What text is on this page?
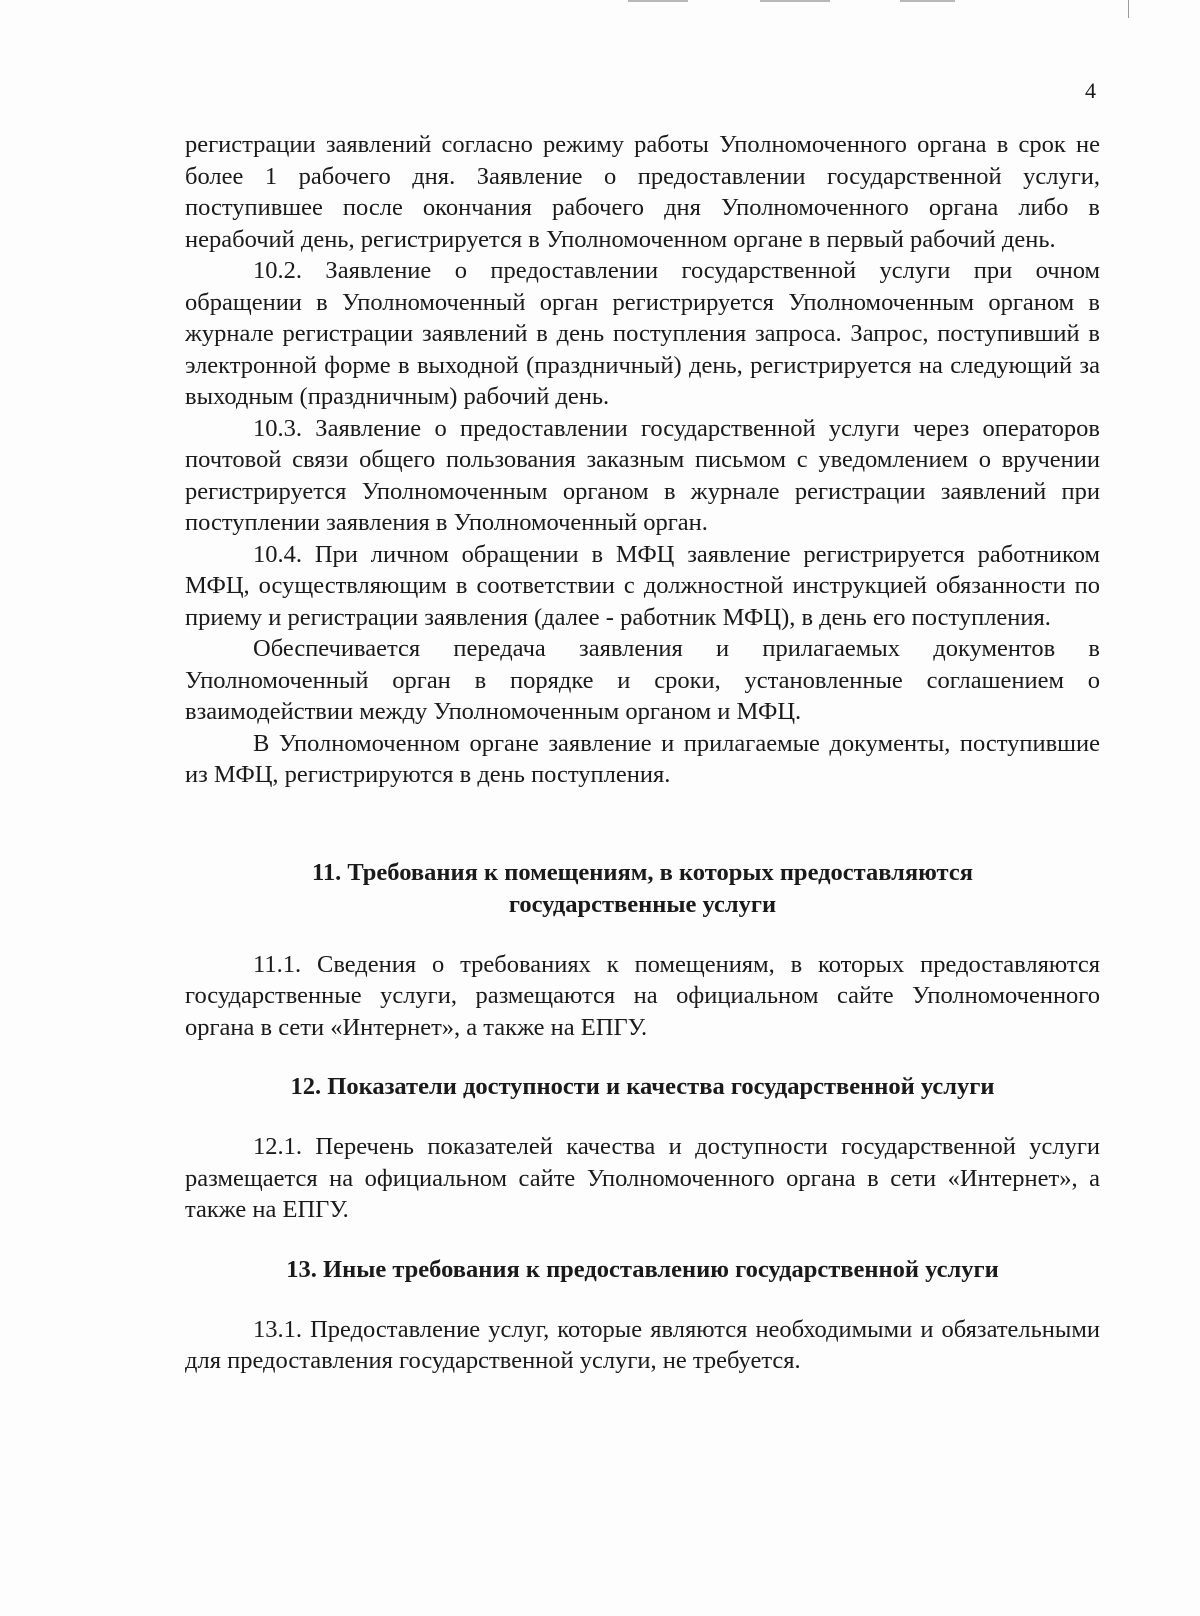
4

регистрации заявлений согласно режиму работы Уполномоченного органа в срок не более 1 рабочего дня. Заявление о предоставлении государственной услуги, поступившее после окончания рабочего дня Уполномоченного органа либо в нерабочий день, регистрируется в Уполномоченном органе в первый рабочий день.

10.2. Заявление о предоставлении государственной услуги при очном обращении в Уполномоченный орган регистрируется Уполномоченным органом в журнале регистрации заявлений в день поступления запроса. Запрос, поступивший в электронной форме в выходной (праздничный) день, регистрируется на следующий за выходным (праздничным) рабочий день.

10.3. Заявление о предоставлении государственной услуги через операторов почтовой связи общего пользования заказным письмом с уведомлением о вручении регистрируется Уполномоченным органом в журнале регистрации заявлений при поступлении заявления в Уполномоченный орган.

10.4. При личном обращении в МФЦ заявление регистрируется работником МФЦ, осуществляющим в соответствии с должностной инструкцией обязанности по приему и регистрации заявления (далее - работник МФЦ), в день его поступления.

Обеспечивается передача заявления и прилагаемых документов в Уполномоченный орган в порядке и сроки, установленные соглашением о взаимодействии между Уполномоченным органом и МФЦ.

В Уполномоченном органе заявление и прилагаемые документы, поступившие из МФЦ, регистрируются в день поступления.

11. Требования к помещениям, в которых предоставляются

государственные услуги

11.1. Сведения о требованиях к помещениям, в которых предоставляются государственные услуги, размещаются на официальном сайте Уполномоченного органа в сети «Интернет», а также на ЕПГУ.

12. Показатели доступности и качества государственной услуги

12.1. Перечень показателей качества и доступности государственной услуги размещается на официальном сайте Уполномоченного органа в сети «Интернет», а также на ЕПГУ.

13. Иные требования к предоставлению государственной услуги

13.1. Предоставление услуг, которые являются необходимыми и обязательными для предоставления государственной услуги, не требуется.
